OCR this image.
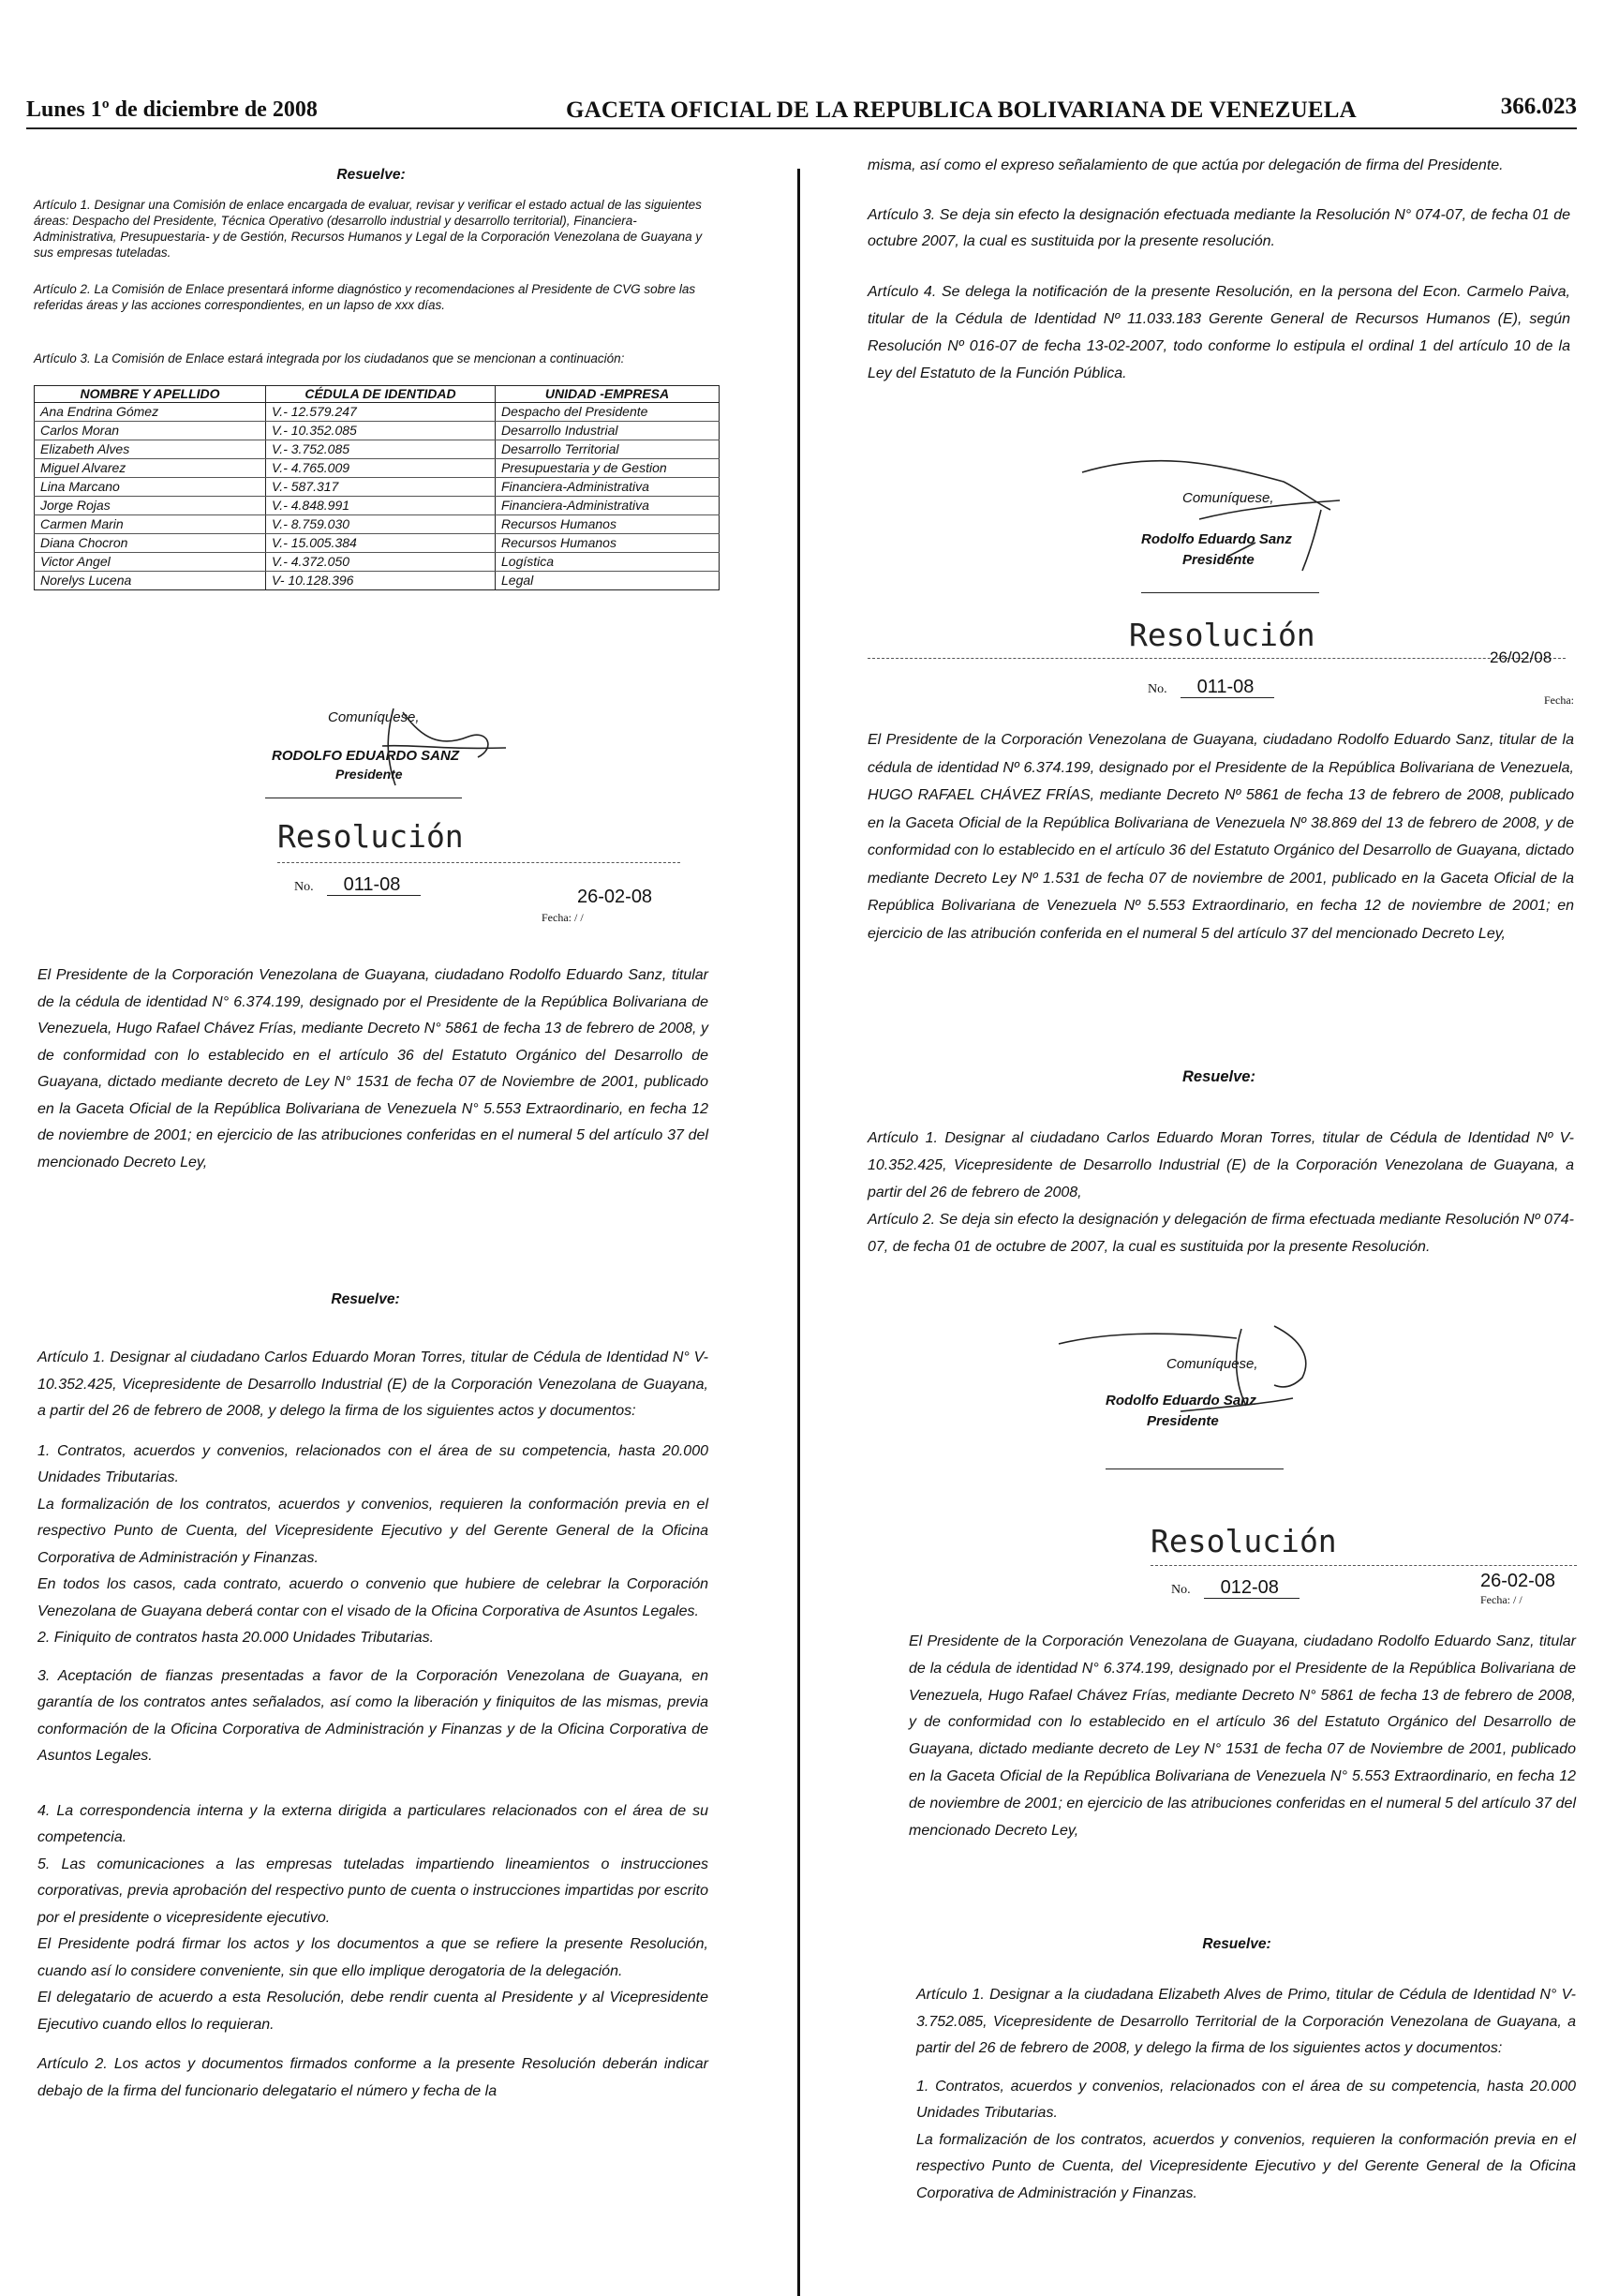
Lunes 1º de diciembre de 2008	GACETA OFICIAL DE LA REPUBLICA BOLIVARIANA DE VENEZUELA	366.023

Resuelve:

Artículo 1. Designar una Comisión de enlace encargada de evaluar, revisar y verificar el estado actual de las siguientes áreas: Despacho del Presidente, Técnica Operativo (desarrollo industrial y desarrollo territorial), Financiera- Administrativa, Presupuestaria- y de Gestión, Recursos Humanos y Legal de la Corporación Venezolana de Guayana y sus empresas tuteladas.

Artículo 2. La Comisión de Enlace presentará informe diagnóstico y recomendaciones al Presidente de CVG sobre las referidas áreas y las acciones correspondientes, en un lapso de xxx días.

Artículo 3. La Comisión de Enlace estará integrada por los ciudadanos que se mencionan a continuación:

NOMBRE Y APELLIDO	CÉDULA DE IDENTIDAD	UNIDAD -EMPRESA
Ana Endrina Gómez	V.- 12.579.247	Despacho del Presidente
Carlos Moran	V.- 10.352.085	Desarrollo Industrial
Elizabeth Alves	V.- 3.752.085	Desarrollo Territorial
Miguel Alvarez	V.- 4.765.009	Presupuestaria y de Gestion
Lina Marcano	V.- 587.317	Financiera-Administrativa
Jorge Rojas	V.- 4.848.991	Financiera-Administrativa
Carmen Marin	V.- 8.759.030	Recursos Humanos
Diana Chocron	V.- 15.005.384	Recursos Humanos
Victor Angel	V.- 4.372.050	Logística
Norelys Lucena	V- 10.128.396	Legal
Comuníquese,
RODOLFO EDUARDO SANZ
Presidente
Resolución
No. 011-08
26-02-08
Fecha: / /

El Presidente de la Corporación Venezolana de Guayana, ciudadano Rodolfo Eduardo Sanz, titular de la cédula de identidad N° 6.374.199, designado por el Presidente de la República Bolivariana de Venezuela, Hugo Rafael Chávez Frías, mediante Decreto N° 5861 de fecha 13 de febrero de 2008, y de conformidad con lo establecido en el artículo 36 del Estatuto Orgánico del Desarrollo de Guayana, dictado mediante decreto de Ley N° 1531 de fecha 07 de Noviembre de 2001, publicado en la Gaceta Oficial de la República Bolivariana de Venezuela N° 5.553 Extraordinario, en fecha 12 de noviembre de 2001; en ejercicio de las atribuciones conferidas en el numeral 5 del artículo 37 del mencionado Decreto Ley,

Resuelve:

Artículo 1. Designar al ciudadano Carlos Eduardo Moran Torres, titular de Cédula de Identidad N° V-10.352.425, Vicepresidente de Desarrollo Industrial (E) de la Corporación Venezolana de Guayana, a partir del 26 de febrero de 2008, y delego la firma de los siguientes actos y documentos:

1. Contratos, acuerdos y convenios, relacionados con el área de su competencia, hasta 20.000 Unidades Tributarias.

La formalización de los contratos, acuerdos y convenios, requieren la conformación previa en el respectivo Punto de Cuenta, del Vicepresidente Ejecutivo y del Gerente General de la Oficina Corporativa de Administración y Finanzas.

En todos los casos, cada contrato, acuerdo o convenio que hubiere de celebrar la Corporación Venezolana de Guayana deberá contar con el visado de la Oficina Corporativa de Asuntos Legales.

2. Finiquito de contratos hasta 20.000 Unidades Tributarias.

3. Aceptación de fianzas presentadas a favor de la Corporación Venezolana de Guayana, en garantía de los contratos antes señalados, así como la liberación y finiquitos de las mismas, previa conformación de la Oficina Corporativa de Administración y Finanzas y de la Oficina Corporativa de Asuntos Legales.

4. La correspondencia interna y la externa dirigida a particulares relacionados con el área de su competencia.

5. Las comunicaciones a las empresas tuteladas impartiendo lineamientos o instrucciones corporativas, previa aprobación del respectivo punto de cuenta o instrucciones impartidas por escrito por el presidente o vicepresidente ejecutivo.

El Presidente podrá firmar los actos y los documentos a que se refiere la presente Resolución, cuando así lo considere conveniente, sin que ello implique derogatoria de la delegación.

El delegatario de acuerdo a esta Resolución, debe rendir cuenta al Presidente y al Vicepresidente Ejecutivo cuando ellos lo requieran.

Artículo 2. Los actos y documentos firmados conforme a la presente Resolución deberán indicar debajo de la firma del funcionario delegatario el número y fecha de la

misma, así como el expreso señalamiento de que actúa por delegación de firma del Presidente.

Artículo 3. Se deja sin efecto la designación efectuada mediante la Resolución N° 074-07, de fecha 01 de octubre 2007, la cual es sustituida por la presente resolución.

Artículo 4. Se delega la notificación de la presente Resolución, en la persona del Econ. Carmelo Paiva, titular de la Cédula de Identidad Nº 11.033.183 Gerente General de Recursos Humanos (E), según Resolución Nº 016-07 de fecha 13-02-2007, todo conforme lo estipula el ordinal 1 del artículo 10 de la Ley del Estatuto de la Función Pública.

Comuníquese,
Rodolfo Eduardo Sanz
Presidente
Resolución
26/02/08
No. 011-08
Fecha:

El Presidente de la Corporación Venezolana de Guayana, ciudadano Rodolfo Eduardo Sanz, titular de la cédula de identidad Nº 6.374.199, designado por el Presidente de la República Bolivariana de Venezuela, HUGO RAFAEL CHÁVEZ FRÍAS, mediante Decreto Nº 5861 de fecha 13 de febrero de 2008, publicado en la Gaceta Oficial de la República Bolivariana de Venezuela Nº 38.869 del 13 de febrero de 2008, y de conformidad con lo establecido en el artículo 36 del Estatuto Orgánico del Desarrollo de Guayana, dictado mediante Decreto Ley Nº 1.531 de fecha 07 de noviembre de 2001, publicado en la Gaceta Oficial de la República Bolivariana de Venezuela Nº 5.553 Extraordinario, en fecha 12 de noviembre de 2001; en ejercicio de las atribución conferida en el numeral 5 del artículo 37 del mencionado Decreto Ley,

Resuelve:

Artículo 1. Designar al ciudadano Carlos Eduardo Moran Torres, titular de Cédula de Identidad Nº V-10.352.425, Vicepresidente de Desarrollo Industrial (E) de la Corporación Venezolana de Guayana, a partir del 26 de febrero de 2008,

Artículo 2. Se deja sin efecto la designación y delegación de firma efectuada mediante Resolución Nº 074-07, de fecha 01 de octubre de 2007, la cual es sustituida por la presente Resolución.

Comuníquese,
Rodolfo Eduardo Sanz
Presidente
Resolución
No. 012-08	26-02-08
Fecha: / /

El Presidente de la Corporación Venezolana de Guayana, ciudadano Rodolfo Eduardo Sanz, titular de la cédula de identidad N° 6.374.199, designado por el Presidente de la República Bolivariana de Venezuela, Hugo Rafael Chávez Frías, mediante Decreto N° 5861 de fecha 13 de febrero de 2008, y de conformidad con lo establecido en el artículo 36 del Estatuto Orgánico del Desarrollo de Guayana, dictado mediante decreto de Ley N° 1531 de fecha 07 de Noviembre de 2001, publicado en la Gaceta Oficial de la República Bolivariana de Venezuela N° 5.553 Extraordinario, en fecha 12 de noviembre de 2001; en ejercicio de las atribuciones conferidas en el numeral 5 del artículo 37 del mencionado Decreto Ley,

Resuelve:

Artículo 1. Designar a la ciudadana Elizabeth Alves de Primo, titular de Cédula de Identidad N° V-3.752.085, Vicepresidente de Desarrollo Territorial de la Corporación Venezolana de Guayana, a partir del 26 de febrero de 2008, y delego la firma de los siguientes actos y documentos:

1. Contratos, acuerdos y convenios, relacionados con el área de su competencia, hasta 20.000 Unidades Tributarias.

La formalización de los contratos, acuerdos y convenios, requieren la conformación previa en el respectivo Punto de Cuenta, del Vicepresidente Ejecutivo y del Gerente General de la Oficina Corporativa de Administración y Finanzas.
